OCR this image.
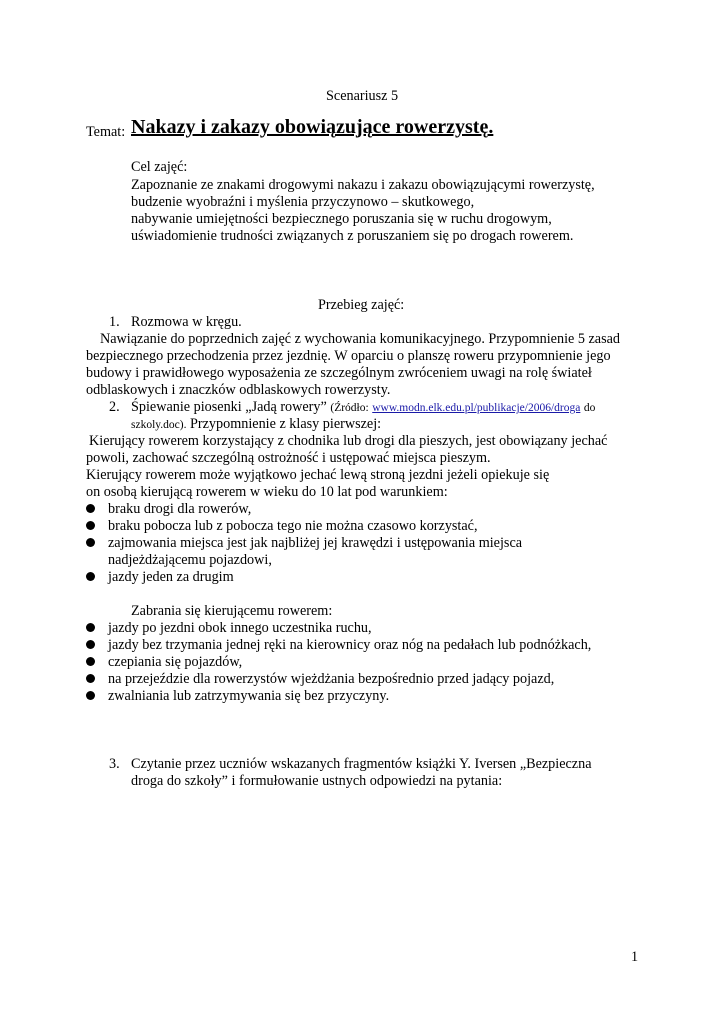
Scenariusz 5
Temat: Nakazy i zakazy obowiązujące rowerzystę.
Cel zajęć:
Zapoznanie ze znakami drogowymi nakazu i zakazu obowiązującymi rowerzystę,
budzenie wyobraźni i myślenia przyczynowo – skutkowego,
nabywanie umiejętności bezpiecznego poruszania się w ruchu drogowym,
uświadomienie trudności związanych z poruszaniem się po drogach rowerem.
Przebieg zajęć:
1. Rozmowa w kręgu.
Nawiązanie do poprzednich zajęć z wychowania komunikacyjnego. Przypomnienie 5 zasad
bezpiecznego przechodzenia przez jezdnię. W oparciu o planszę roweru przypomnienie jego
budowy i prawidłowego wyposażenia ze szczególnym zwróceniem uwagi na rolę świateł
odblaskowych i znaczków odblaskowych rowerzysty.
2. Śpiewanie piosenki „Jadą rowery” (Źródło: www.modn.elk.edu.pl/publikacje/2006/droga do
szkoly.doc). Przypomnienie z klasy pierwszej:
Kierujący rowerem korzystający z chodnika lub drogi dla pieszych, jest obowiązany jechać
powoli, zachować szczególną ostrożność i ustępować miejsca pieszym.
Kierujący rowerem może wyjątkowo jechać lewą stroną jezdni jeżeli opiekuje się
on osobą kierującą rowerem w wieku do 10 lat pod warunkiem:
braku drogi dla rowerów,
braku pobocza lub z pobocza tego nie można czasowo korzystać,
zajmowania miejsca jest jak najbliżej jej krawędzi i ustępowania miejsca
nadjeżdżającemu pojazdowi,
jazdy jeden za drugim
Zabrania się kierującemu rowerem:
jazdy po jezdni obok innego uczestnika ruchu,
jazdy bez trzymania jednej ręki na kierownicy oraz nóg na pedałach lub podnóżkach,
czepiania się pojazdów,
na przejeździe dla rowerzystów wjeżdżania bezpośrednio przed jadący pojazd,
zwalniania lub zatrzymywania się bez przyczyny.
3. Czytanie przez uczniów wskazanych fragmentów książki Y. Iversen „Bezpieczna
droga do szkoły” i formułowanie ustnych odpowiedzi na pytania:
1
